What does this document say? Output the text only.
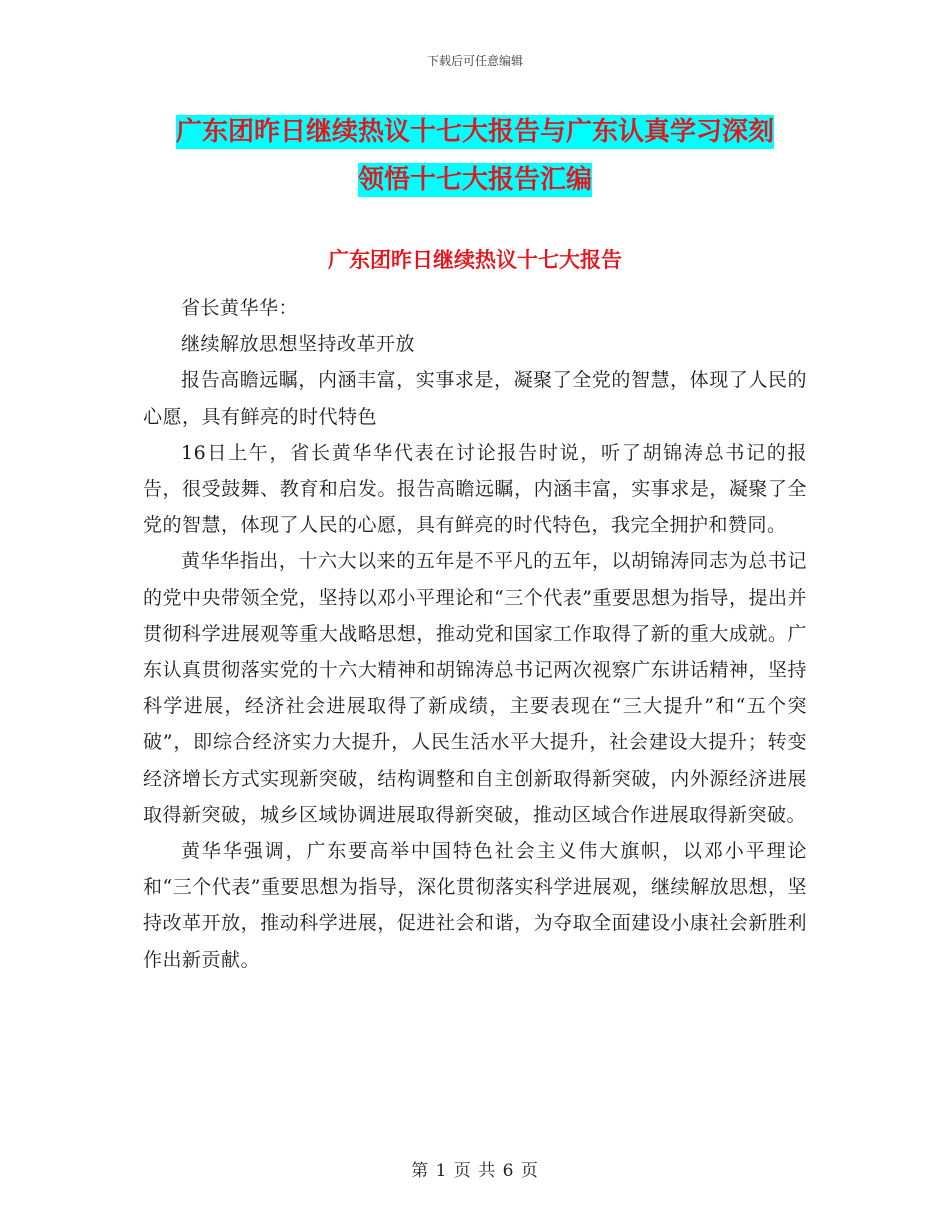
下载后可任意编辑
广东团昨日继续热议十七大报告与广东认真学习深刻
领悟十七大报告汇编
广东团昨日继续热议十七大报告

省长黄华华：

继续解放思想坚持改革开放

报告高瞻远瞩，内涵丰富，实事求是，凝聚了全党的智慧，体现了人民的心愿，具有鲜亮的时代特色

16日上午，省长黄华华代表在讨论报告时说，听了胡锦涛总书记的报告，很受鼓舞、教育和启发。报告高瞻远瞩，内涵丰富，实事求是，凝聚了全党的智慧，体现了人民的心愿，具有鲜亮的时代特色，我完全拥护和赞同。

黄华华指出，十六大以来的五年是不平凡的五年，以胡锦涛同志为总书记的党中央带领全党，坚持以邓小平理论和“三个代表”重要思想为指导，提出并贯彻科学进展观等重大战略思想，推动党和国家工作取得了新的重大成就。广东认真贯彻落实党的十六大精神和胡锦涛总书记两次视察广东讲话精神，坚持科学进展，经济社会进展取得了新成绩，主要表现在“三大提升”和“五个突破”，即综合经济实力大提升，人民生活水平大提升，社会建设大提升；转变经济增长方式实现新突破，结构调整和自主创新取得新突破，内外源经济进展取得新突破，城乡区域协调进展取得新突破，推动区域合作进展取得新突破。

黄华华强调，广东要高举中国特色社会主义伟大旗帜，以邓小平理论和“三个代表”重要思想为指导，深化贯彻落实科学进展观，继续解放思想，坚持改革开放，推动科学进展，促进社会和谐，为夺取全面建设小康社会新胜利作出新贡献。

第 1 页 共 6 页
